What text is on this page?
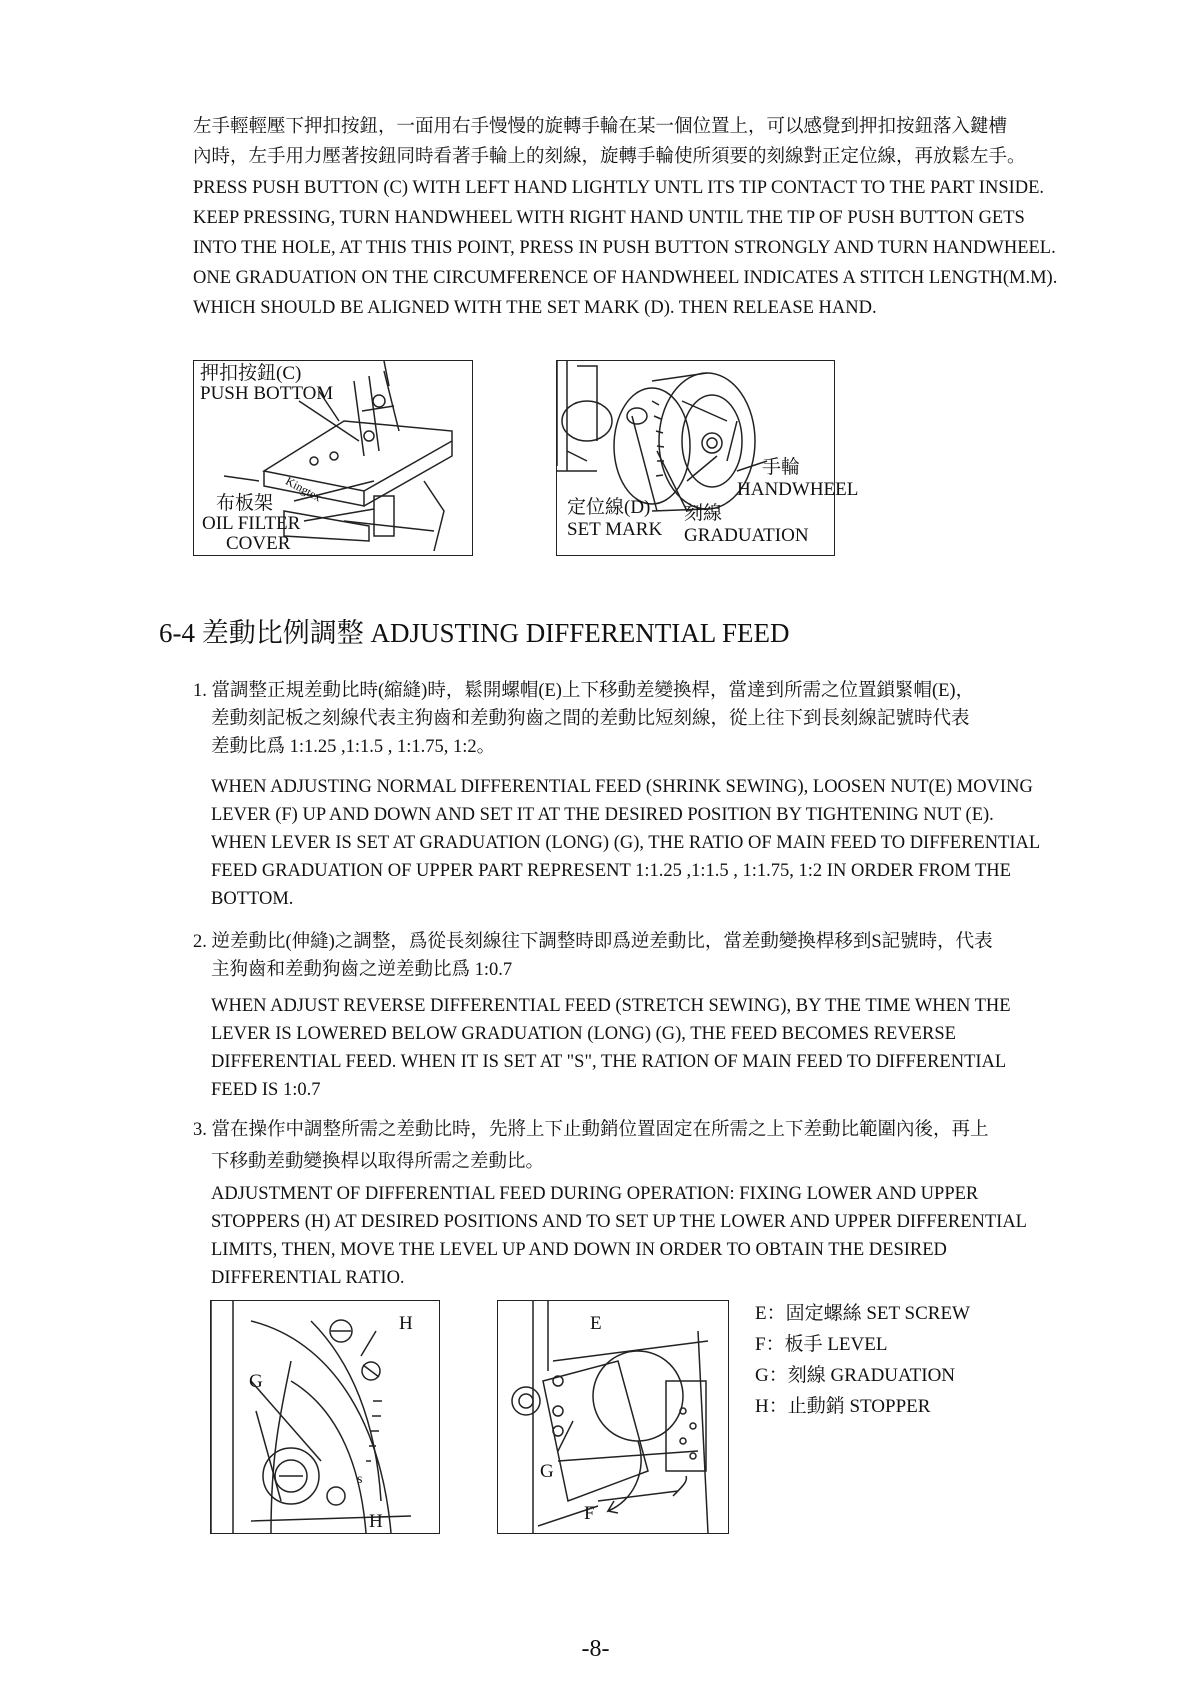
左手輕輕壓下押扣按鈕，一面用右手慢慢的旋轉手輪在某一個位置上，可以感覺到押扣按鈕落入鍵槽

內時，左手用力壓著按鈕同時看著手輪上的刻線，旋轉手輪使所須要的刻線對正定位線，再放鬆左手。

PRESS PUSH BUTTON (C) WITH LEFT HAND LIGHTLY UNTL ITS TIP CONTACT TO THE PART INSIDE.

KEEP PRESSING, TURN HANDWHEEL WITH RIGHT HAND UNTIL THE TIP OF PUSH BUTTON GETS

INTO THE HOLE, AT THIS THIS POINT, PRESS IN PUSH BUTTON STRONGLY AND TURN HANDWHEEL.

ONE GRADUATION ON THE CIRCUMFERENCE OF HANDWHEEL INDICATES A STITCH LENGTH(M.M).

WHICH SHOULD BE ALIGNED WITH THE SET MARK (D). THEN RELEASE HAND.

押扣按鈕(C)
PUSH BOTTOM
Kingtex
布板架
OIL FILTER
COVER
手輪
HANDWHEEL
定位線(D)
SET MARK
刻線
GRADUATION
6-4 差動比例調整 ADJUSTING DIFFERENTIAL FEED

1. 當調整正規差動比時(縮縫)時，鬆開螺帽(E)上下移動差變換桿，當達到所需之位置鎖緊帽(E)，

差動刻記板之刻線代表主狗齒和差動狗齒之間的差動比短刻線，從上往下到長刻線記號時代表

差動比爲 1:1.25 ,1:1.5 , 1:1.75, 1:2。

WHEN ADJUSTING NORMAL DIFFERENTIAL FEED (SHRINK SEWING), LOOSEN NUT(E) MOVING

LEVER (F) UP AND DOWN AND SET IT AT THE DESIRED POSITION BY TIGHTENING NUT (E).

WHEN LEVER IS SET AT GRADUATION (LONG) (G), THE RATIO OF MAIN FEED TO DIFFERENTIAL

FEED GRADUATION OF UPPER PART REPRESENT 1:1.25 ,1:1.5 , 1:1.75, 1:2 IN ORDER FROM THE

BOTTOM.

2. 逆差動比(伸縫)之調整，爲從長刻線往下調整時即爲逆差動比，當差動變換桿移到S記號時，代表

主狗齒和差動狗齒之逆差動比爲 1:0.7

WHEN ADJUST REVERSE DIFFERENTIAL FEED (STRETCH SEWING), BY THE TIME WHEN THE

LEVER IS LOWERED BELOW GRADUATION (LONG) (G), THE FEED BECOMES REVERSE

DIFFERENTIAL FEED. WHEN IT IS SET AT "S", THE RATION OF MAIN FEED TO DIFFERENTIAL

FEED IS 1:0.7

3. 當在操作中調整所需之差動比時，先將上下止動銷位置固定在所需之上下差動比範圍內後，再上

下移動差動變換桿以取得所需之差動比。

ADJUSTMENT OF DIFFERENTIAL FEED DURING OPERATION: FIXING LOWER AND UPPER

STOPPERS (H) AT DESIRED POSITIONS AND TO SET UP THE LOWER AND UPPER DIFFERENTIAL

LIMITS, THEN, MOVE THE LEVEL UP AND DOWN IN ORDER TO OBTAIN THE DESIRED

DIFFERENTIAL RATIO.

H
G
s
H
E
G
F
E：固定螺絲 SET SCREW
F：板手 LEVEL
G：刻線 GRADUATION
H：止動銷 STOPPER
-8-
